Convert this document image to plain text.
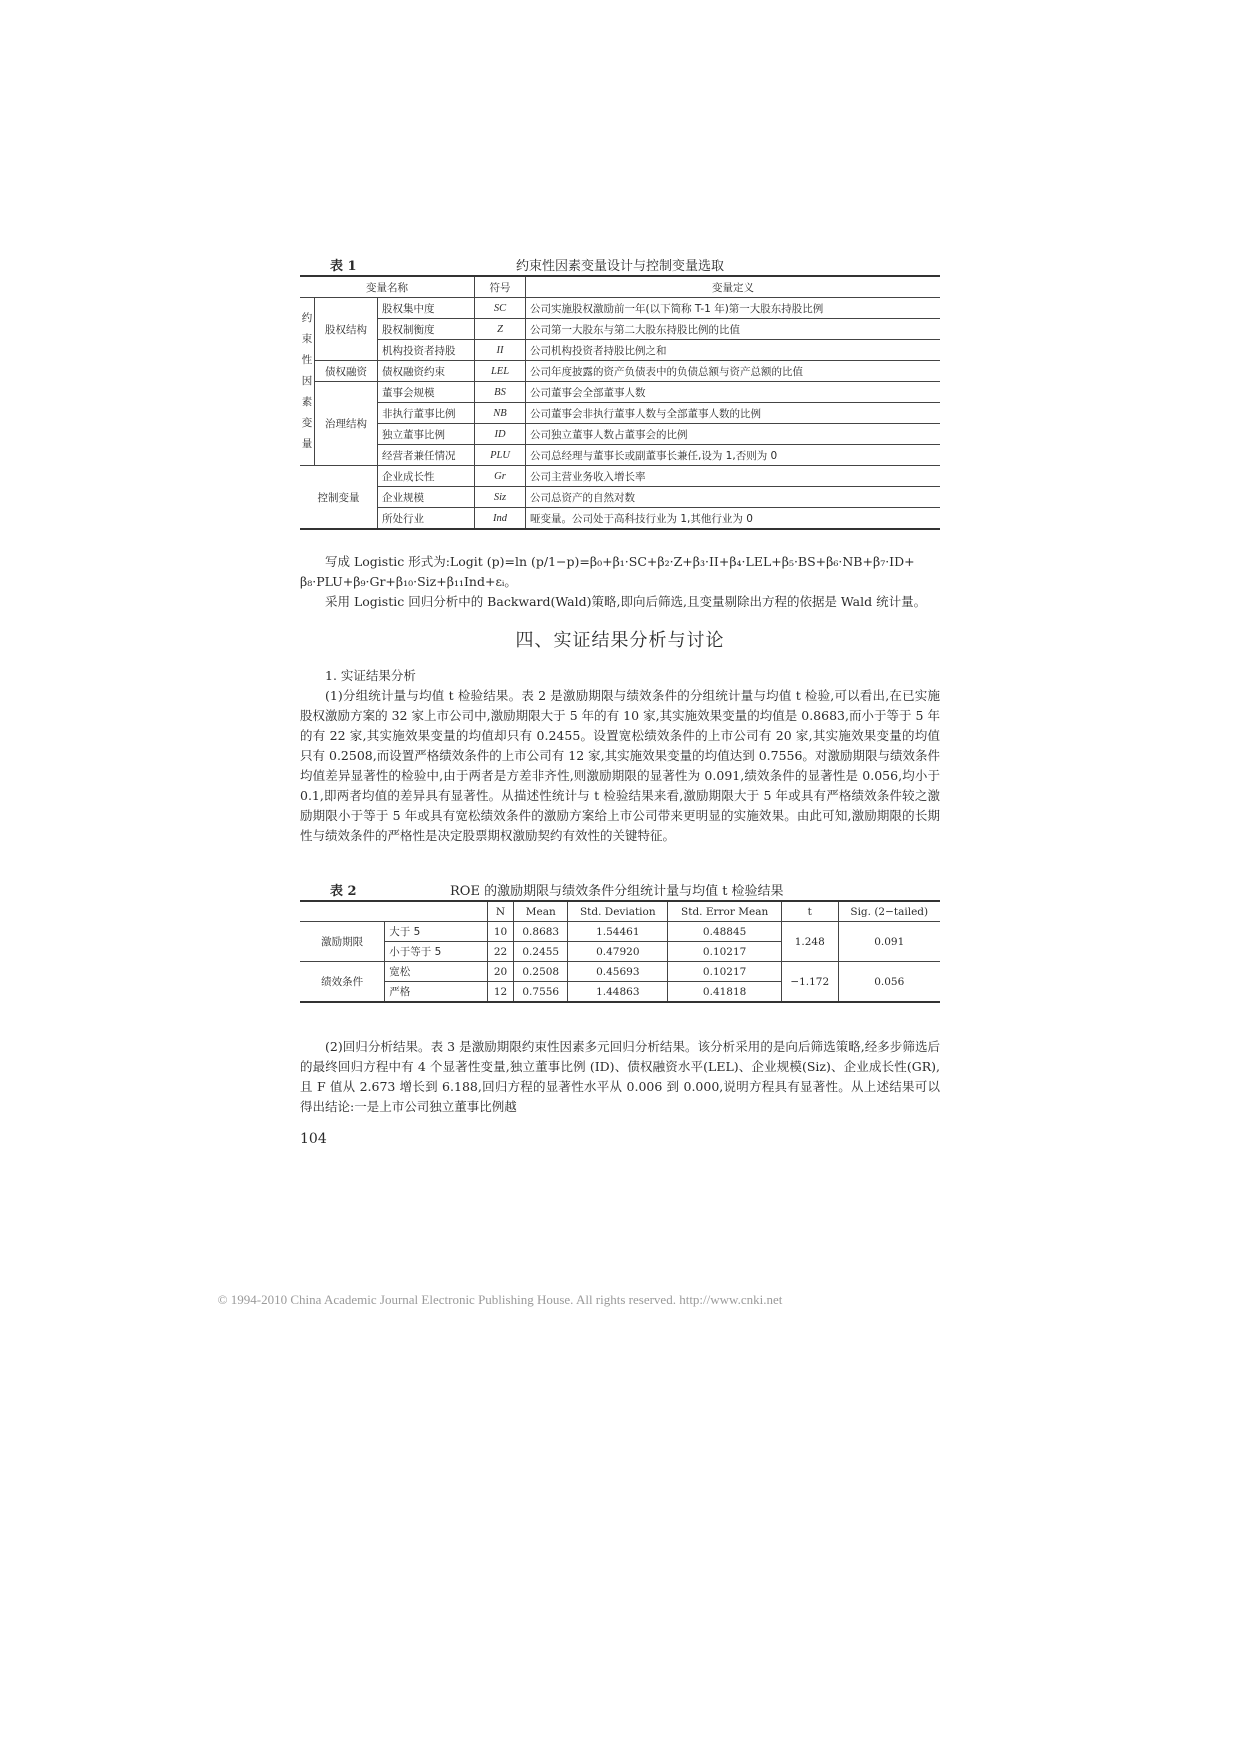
表 1	约束性因素变量设计与控制变量选取
变量名称			符号	变量定义
约束性因素变量	股权结构	股权集中度	SC	公司实施股权激励前一年(以下简称 T-1 年)第一大股东持股比例
		股权制衡度	Z	公司第一大股东与第二大股东持股比例的比值
		机构投资者持股	II	公司机构投资者持股比例之和
	债权融资	债权融资约束	LEL	公司年度披露的资产负债表中的负债总额与资产总额的比值
	治理结构	董事会规模	BS	公司董事会全部董事人数
		非执行董事比例	NB	公司董事会非执行董事人数与全部董事人数的比例
		独立董事比例	ID	公司独立董事人数占董事会的比例
		经营者兼任情况	PLU	公司总经理与董事长或副董事长兼任,设为 1,否则为 0
控制变量		企业成长性	Gr	公司主营业务收入增长率
		企业规模	Siz	公司总资产的自然对数
		所处行业	Ind	哑变量。公司处于高科技行业为 1,其他行业为 0

写成 Logistic 形式为:Logit (p)=ln (p/1−p)=β₀+β₁·SC+β₂·Z+β₃·II+β₄·LEL+β₅·BS+β₆·NB+β₇·ID+

β₈·PLU+β₉·Gr+β₁₀·Siz+β₁₁Ind+εᵢ。

采用 Logistic 回归分析中的 Backward(Wald)策略,即向后筛选,且变量剔除出方程的依据是 Wald 统计量。

四、实证结果分析与讨论
1. 实证结果分析

(1)分组统计量与均值 t 检验结果。表 2 是激励期限与绩效条件的分组统计量与均值 t 检验,可以看出,在已实施股权激励方案的 32 家上市公司中,激励期限大于 5 年的有 10 家,其实施效果变量的均值是 0.8683,而小于等于 5 年的有 22 家,其实施效果变量的均值却只有 0.2455。设置宽松绩效条件的上市公司有 20 家,其实施效果变量的均值只有 0.2508,而设置严格绩效条件的上市公司有 12 家,其实施效果变量的均值达到 0.7556。对激励期限与绩效条件均值差异显著性的检验中,由于两者是方差非齐性,则激励期限的显著性为 0.091,绩效条件的显著性是 0.056,均小于 0.1,即两者均值的差异具有显著性。从描述性统计与 t 检验结果来看,激励期限大于 5 年或具有严格绩效条件较之激励期限小于等于 5 年或具有宽松绩效条件的激励方案给上市公司带来更明显的实施效果。由此可知,激励期限的长期性与绩效条件的严格性是决定股票期权激励契约有效性的关键特征。

表 2	ROE 的激励期限与绩效条件分组统计量与均值 t 检验结果
		N	Mean	Std. Deviation	Std. Error Mean	t	Sig. (2−tailed)
激励期限	大于 5	10	0.8683	1.54461	0.48845	1.248	0.091
	小于等于 5	22	0.2455	0.47920	0.10217		
绩效条件	宽松	20	0.2508	0.45693	0.10217	−1.172	0.056
	严格	12	0.7556	1.44863	0.41818		

(2)回归分析结果。表 3 是激励期限约束性因素多元回归分析结果。该分析采用的是向后筛选策略,经多步筛选后的最终回归方程中有 4 个显著性变量,独立董事比例 (ID)、债权融资水平(LEL)、企业规模(Siz)、企业成长性(GR),且 F 值从 2.673 增长到 6.188,回归方程的显著性水平从 0.006 到 0.000,说明方程具有显著性。从上述结果可以得出结论:一是上市公司独立董事比例越

104

© 1994-2010 China Academic Journal Electronic Publishing House. All rights reserved. http://www.cnki.net
